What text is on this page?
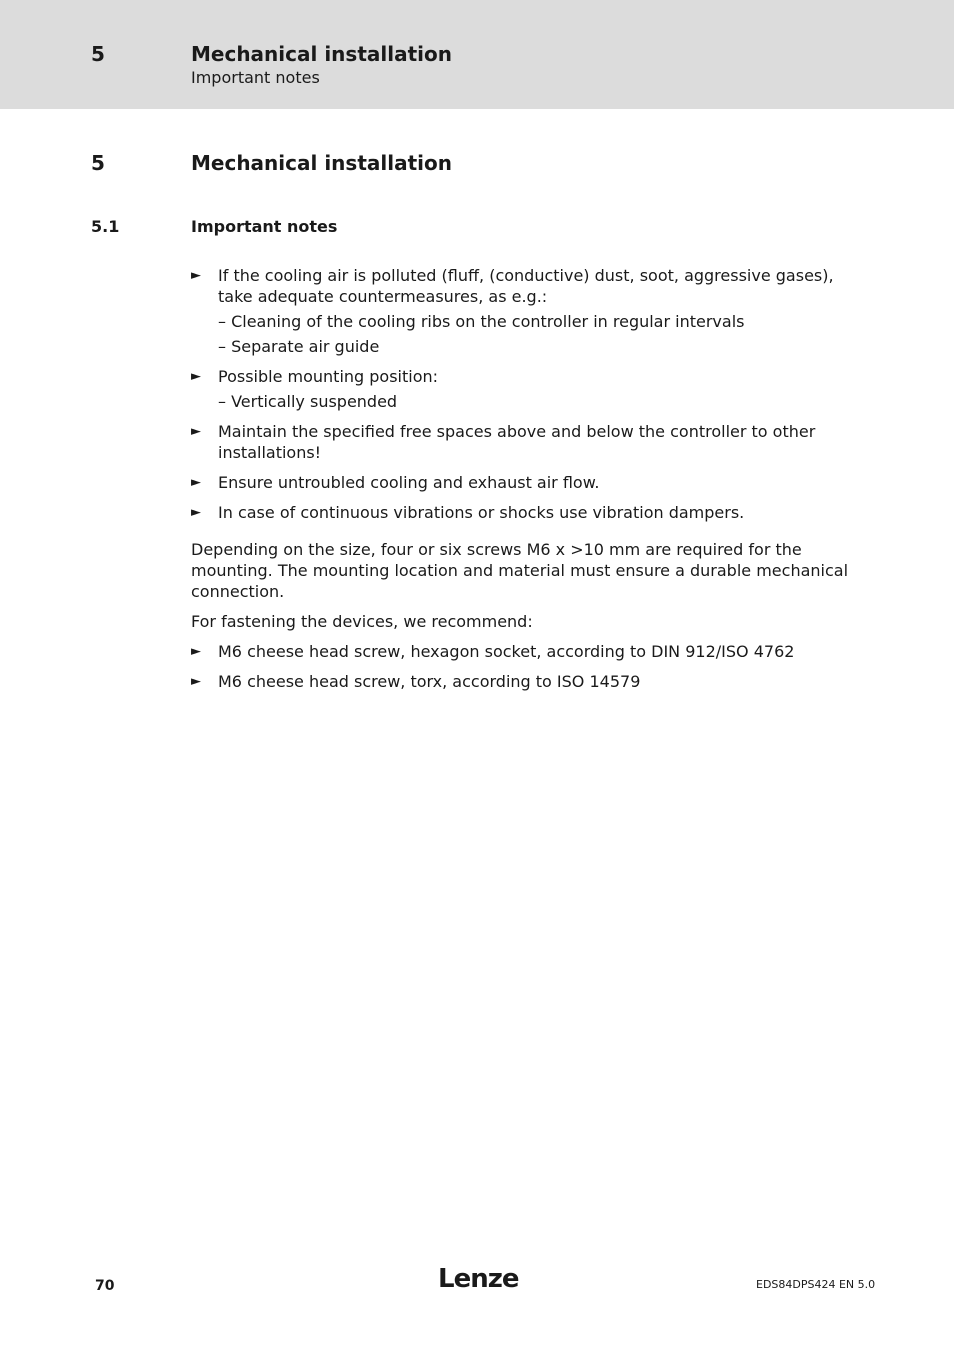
5	Mechanical installation
Important notes
5	Mechanical installation
5.1	Important notes
► If the cooling air is polluted (fluff, (conductive) dust, soot, aggressive gases), take adequate countermeasures, as e.g.:
– Cleaning of the cooling ribs on the controller in regular intervals
– Separate air guide
► Possible mounting position:
– Vertically suspended
► Maintain the specified free spaces above and below the controller to other installations!
► Ensure untroubled cooling and exhaust air flow.
► In case of continuous vibrations or shocks use vibration dampers.
Depending on the size, four or six screws M6 x >10 mm are required for the mounting. The mounting location and material must ensure a durable mechanical connection.
For fastening the devices, we recommend:
► M6 cheese head screw, hexagon socket, according to DIN 912/ISO 4762
► M6 cheese head screw, torx, according to ISO 14579
70	Lenze	EDS84DPS424 EN 5.0
